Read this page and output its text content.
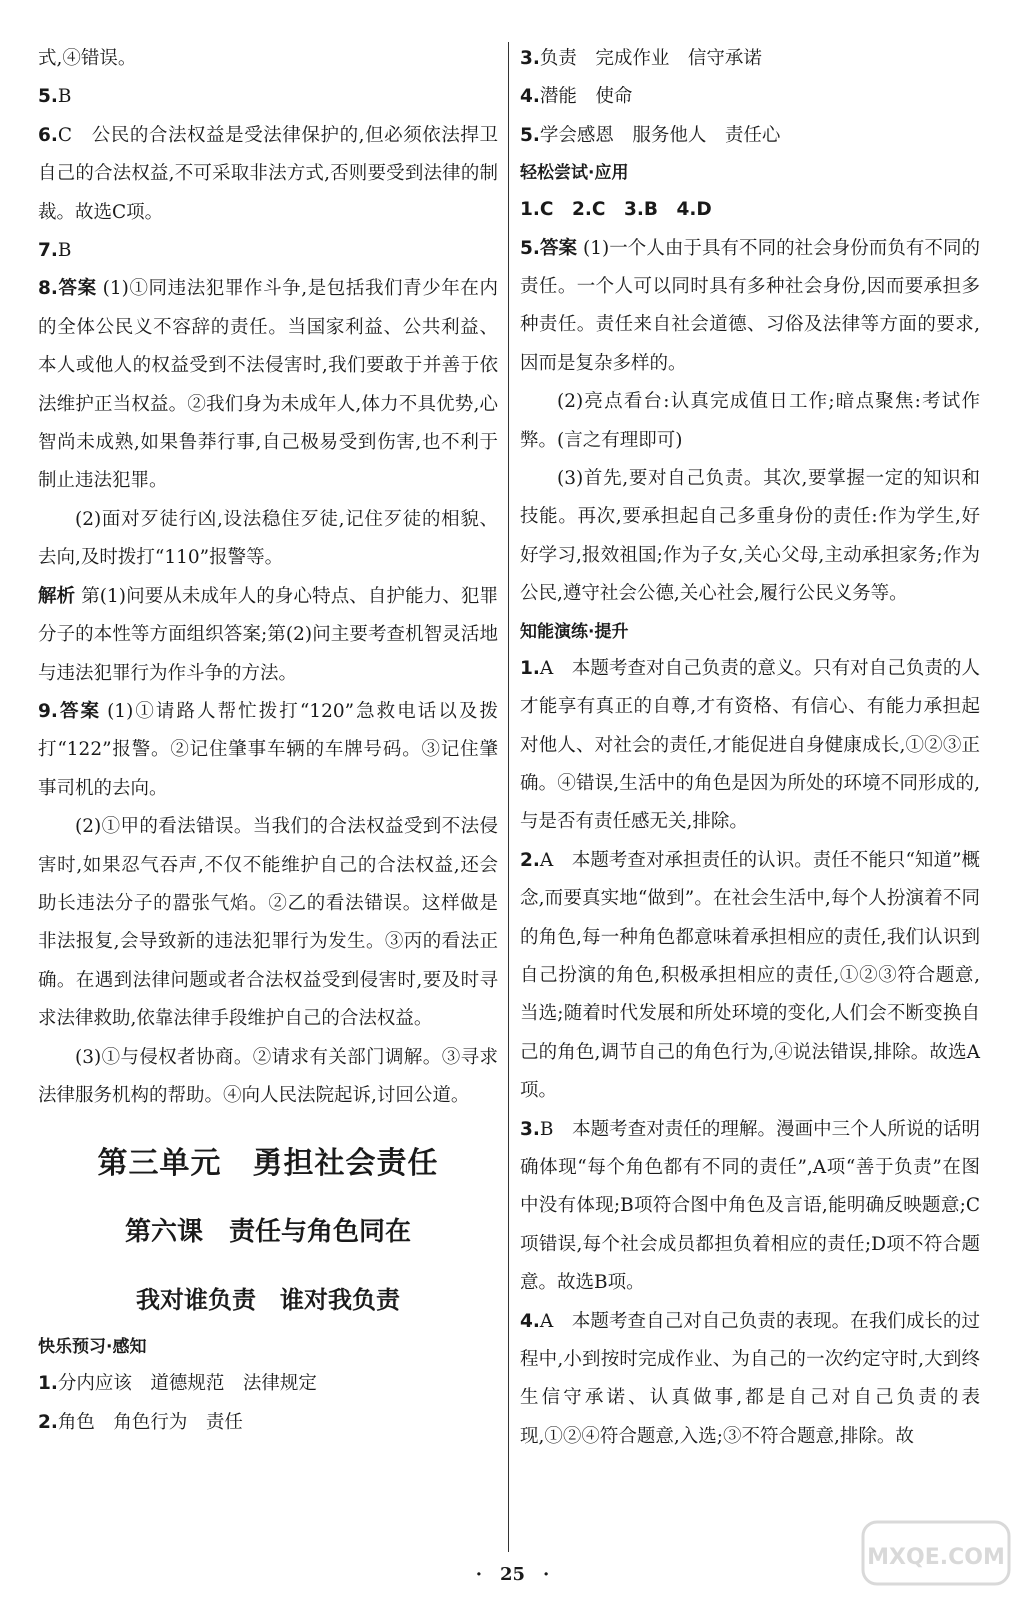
式,④错误。

5.B

6.C　公民的合法权益是受法律保护的,但必须依法捍卫自己的合法权益,不可采取非法方式,否则要受到法律的制裁。故选C项。

7.B

8.答案 (1)①同违法犯罪作斗争,是包括我们青少年在内的全体公民义不容辞的责任。当国家利益、公共利益、本人或他人的权益受到不法侵害时,我们要敢于并善于依法维护正当权益。②我们身为未成年人,体力不具优势,心智尚未成熟,如果鲁莽行事,自己极易受到伤害,也不利于制止违法犯罪。

(2)面对歹徒行凶,设法稳住歹徒,记住歹徒的相貌、去向,及时拨打“110”报警等。

解析 第(1)问要从未成年人的身心特点、自护能力、犯罪分子的本性等方面组织答案;第(2)问主要考查机智灵活地与违法犯罪行为作斗争的方法。

9.答案 (1)①请路人帮忙拨打“120”急救电话以及拨打“122”报警。②记住肇事车辆的车牌号码。③记住肇事司机的去向。

(2)①甲的看法错误。当我们的合法权益受到不法侵害时,如果忍气吞声,不仅不能维护自己的合法权益,还会助长违法分子的嚣张气焰。②乙的看法错误。这样做是非法报复,会导致新的违法犯罪行为发生。③丙的看法正确。在遇到法律问题或者合法权益受到侵害时,要及时寻求法律救助,依靠法律手段维护自己的合法权益。

(3)①与侵权者协商。②请求有关部门调解。③寻求法律服务机构的帮助。④向人民法院起诉,讨回公道。

第三单元　勇担社会责任
第六课　责任与角色同在
我对谁负责　谁对我负责

快乐预习·感知

1.分内应该　道德规范　法律规定

2.角色　角色行为　责任

3.负责　完成作业　信守承诺

4.潜能　使命

5.学会感恩　服务他人　责任心

轻松尝试·应用

1.C　2.C　3.B　4.D

5.答案 (1)一个人由于具有不同的社会身份而负有不同的责任。一个人可以同时具有多种社会身份,因而要承担多种责任。责任来自社会道德、习俗及法律等方面的要求,因而是复杂多样的。

(2)亮点看台:认真完成值日工作;暗点聚焦:考试作弊。(言之有理即可)

(3)首先,要对自己负责。其次,要掌握一定的知识和技能。再次,要承担起自己多重身份的责任:作为学生,好好学习,报效祖国;作为子女,关心父母,主动承担家务;作为公民,遵守社会公德,关心社会,履行公民义务等。

知能演练·提升

1.A　本题考查对自己负责的意义。只有对自己负责的人才能享有真正的自尊,才有资格、有信心、有能力承担起对他人、对社会的责任,才能促进自身健康成长,①②③正确。④错误,生活中的角色是因为所处的环境不同形成的,与是否有责任感无关,排除。

2.A　本题考查对承担责任的认识。责任不能只“知道”概念,而要真实地“做到”。在社会生活中,每个人扮演着不同的角色,每一种角色都意味着承担相应的责任,我们认识到自己扮演的角色,积极承担相应的责任,①②③符合题意,当选;随着时代发展和所处环境的变化,人们会不断变换自己的角色,调节自己的角色行为,④说法错误,排除。故选A项。

3.B　本题考查对责任的理解。漫画中三个人所说的话明确体现“每个角色都有不同的责任”,A项“善于负责”在图中没有体现;B项符合图中角色及言语,能明确反映题意;C项错误,每个社会成员都担负着相应的责任;D项不符合题意。故选B项。

4.A　本题考查自己对自己负责的表现。在我们成长的过程中,小到按时完成作业、为自己的一次约定守时,大到终生信守承诺、认真做事,都是自己对自己负责的表现,①②④符合题意,入选;③不符合题意,排除。故

·　25　·
MXQE.COM
